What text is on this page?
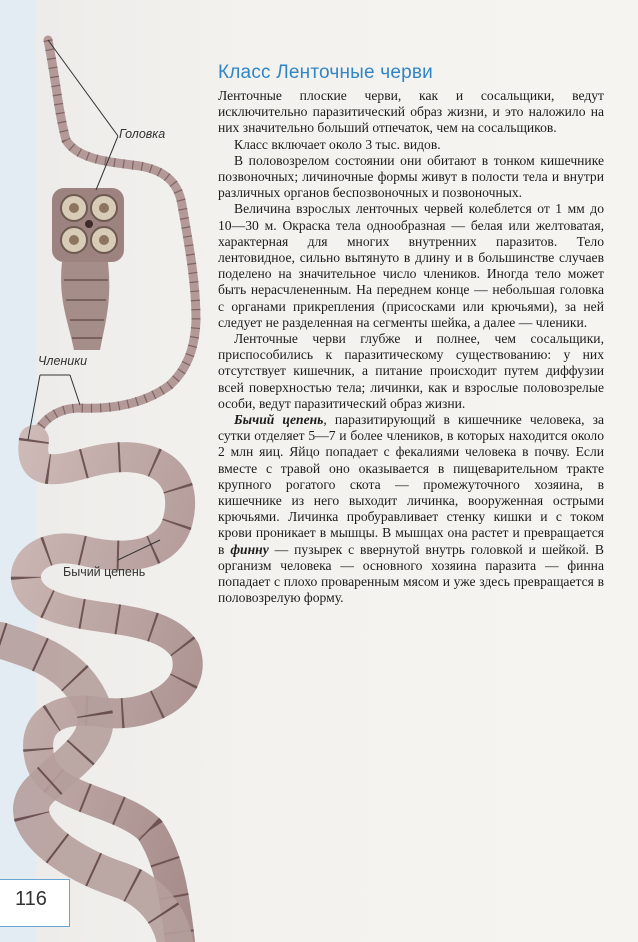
Головка
Членики
Бычий цепень
Класс Ленточные черви

Ленточные плоские черви, как и сосальщики, ведут исключительно паразитический образ жизни, и это наложило на них значительно больший отпечаток, чем на сосальщиков.

Класс включает около 3 тыс. видов.

В половозрелом состоянии они обитают в тонком кишечнике позвоночных; личиночные формы живут в полости тела и внутри различных органов беспозвоночных и позвоночных.

Величина взрослых ленточных червей колеблется от 1 мм до 10—30 м. Окраска тела однообразная — белая или желтоватая, характерная для многих внутренних паразитов. Тело лентовидное, сильно вытянуто в длину и в большинстве случаев поделено на значительное число члеников. Иногда тело может быть нерасчлененным. На переднем конце — небольшая головка с органами прикрепления (присосками или крючьями), за ней следует не разделенная на сегменты шейка, а далее — членики.

Ленточные черви глубже и полнее, чем сосальщики, приспособились к паразитическому существованию: у них отсутствует кишечник, а питание происходит путем диффузии всей поверхностью тела; личинки, как и взрослые половозрелые особи, ведут паразитический образ жизни.

Бычий цепень, паразитирующий в кишечнике человека, за сутки отделяет 5—7 и более члеников, в которых находится около 2 млн яиц. Яйцо попадает с фекалиями человека в почву. Если вместе с травой оно оказывается в пищеварительном тракте крупного рогатого скота — промежуточного хозяина, в кишечнике из него выходит личинка, вооруженная острыми крючьями. Личинка пробуравливает стенку кишки и с током крови проникает в мышцы. В мышцах она растет и превращается в финну — пузырек с ввернутой внутрь головкой и шейкой. В организм человека — основного хозяина паразита — финна попадает с плохо проваренным мясом и уже здесь превращается в половозрелую форму.

116
